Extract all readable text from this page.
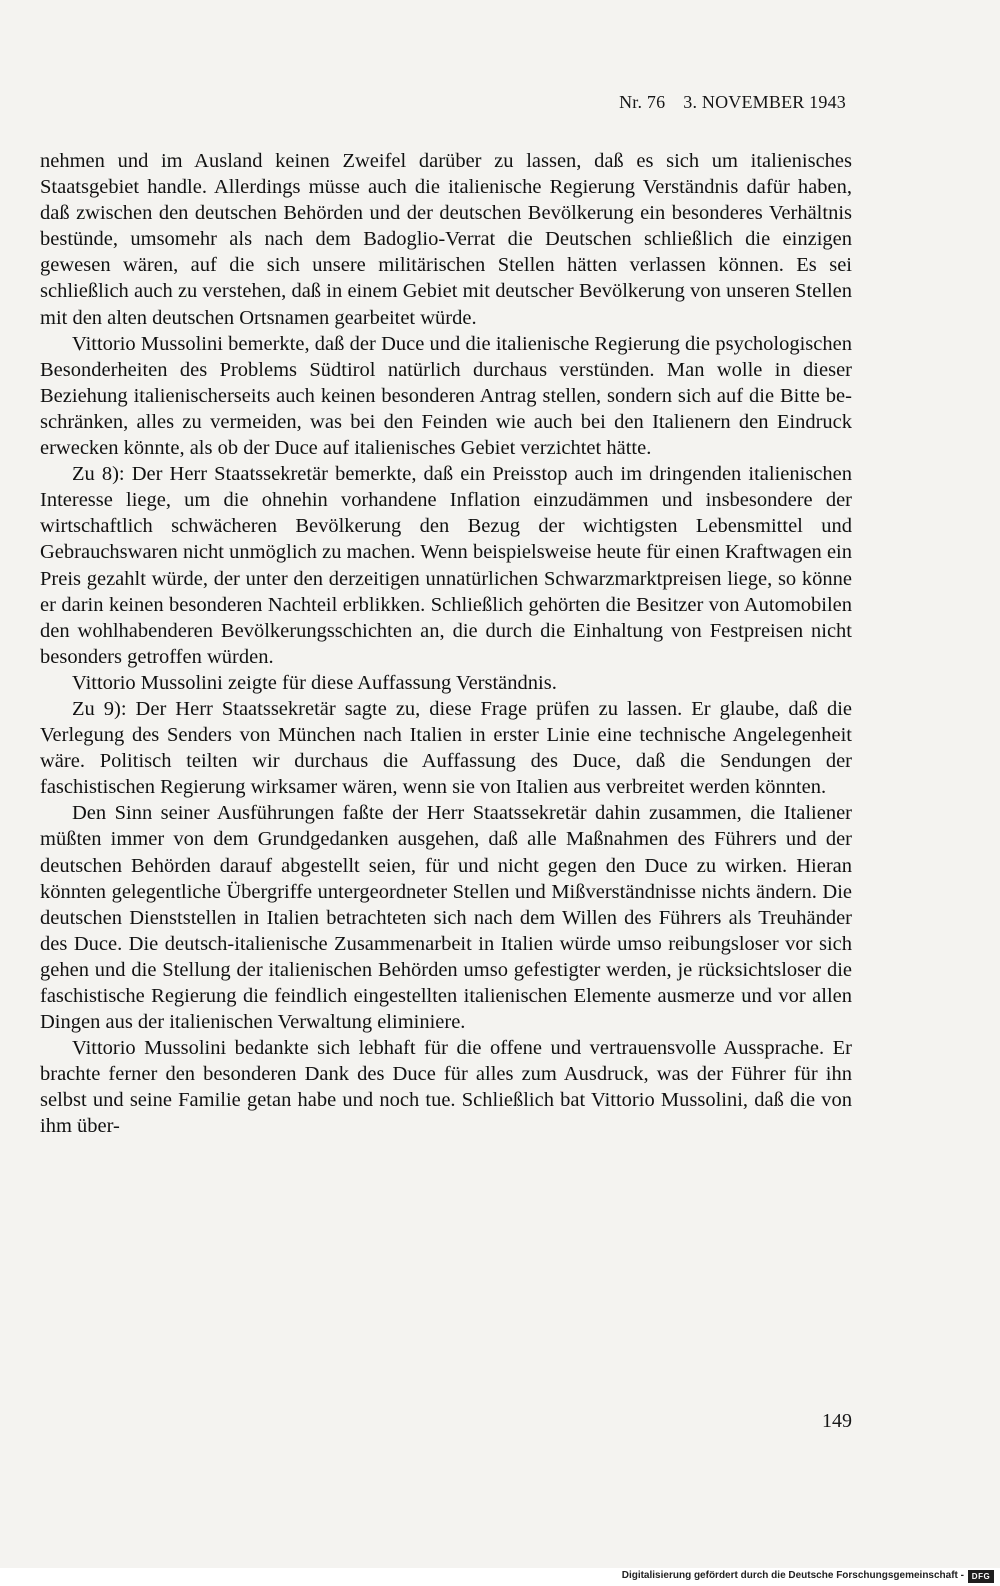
Nr. 76 3. NOVEMBER 1943

nehmen und im Ausland keinen Zweifel darüber zu lassen, daß es sich um italienisches Staatsgebiet handle. Allerdings müsse auch die italienische Regierung Verständnis dafür haben, daß zwischen den deutschen Behörden und der deutschen Bevölkerung ein besonderes Verhältnis bestünde, umsomehr als nach dem Badoglio-Verrat die Deutschen schließlich die einzigen gewesen wären, auf die sich unsere militärischen Stellen hätten verlassen können. Es sei schließlich auch zu verstehen, daß in einem Gebiet mit deutscher Bevölkerung von unseren Stellen mit den alten deutschen Ortsnamen gearbeitet würde.

Vittorio Mussolini bemerkte, daß der Duce und die italienische Regierung die psychologischen Besonderheiten des Problems Südtirol natürlich durchaus verstünden. Man wolle in dieser Beziehung italienischerseits auch keinen besonderen Antrag stellen, sondern sich auf die Bitte beschränken, alles zu vermeiden, was bei den Feinden wie auch bei den Italienern den Eindruck erwecken könnte, als ob der Duce auf italienisches Gebiet verzichtet hätte.

Zu 8): Der Herr Staatssekretär bemerkte, daß ein Preisstop auch im dringenden italienischen Interesse liege, um die ohnehin vorhandene Inflation einzudämmen und insbesondere der wirtschaftlich schwächeren Bevölkerung den Bezug der wichtigsten Lebensmittel und Gebrauchswaren nicht unmöglich zu machen. Wenn beispielsweise heute für einen Kraftwagen ein Preis gezahlt würde, der unter den derzeitigen unnatürlichen Schwarzmarktpreisen liege, so könne er darin keinen besonderen Nachteil erblikken. Schließlich gehörten die Besitzer von Automobilen den wohlhabenderen Bevölkerungsschichten an, die durch die Einhaltung von Festpreisen nicht besonders getroffen würden.

Vittorio Mussolini zeigte für diese Auffassung Verständnis.

Zu 9): Der Herr Staatssekretär sagte zu, diese Frage prüfen zu lassen. Er glaube, daß die Verlegung des Senders von München nach Italien in erster Linie eine technische Angelegenheit wäre. Politisch teilten wir durchaus die Auffassung des Duce, daß die Sendungen der faschistischen Regierung wirksamer wären, wenn sie von Italien aus verbreitet werden könnten.

Den Sinn seiner Ausführungen faßte der Herr Staatssekretär dahin zusammen, die Italiener müßten immer von dem Grundgedanken ausgehen, daß alle Maßnahmen des Führers und der deutschen Behörden darauf abgestellt seien, für und nicht gegen den Duce zu wirken. Hieran könnten gelegentliche Übergriffe untergeordneter Stellen und Mißverständnisse nichts ändern. Die deutschen Dienststellen in Italien betrachteten sich nach dem Willen des Führers als Treuhänder des Duce. Die deutsch-italienische Zusammenarbeit in Italien würde umso reibungsloser vor sich gehen und die Stellung der italienischen Behörden umso gefestigter werden, je rücksichtsloser die faschistische Regierung die feindlich eingestellten italienischen Elemente ausmerze und vor allen Dingen aus der italienischen Verwaltung eliminiere.

Vittorio Mussolini bedankte sich lebhaft für die offene und vertrauensvolle Aussprache. Er brachte ferner den besonderen Dank des Duce für alles zum Ausdruck, was der Führer für ihn selbst und seine Familie getan habe und noch tue. Schließlich bat Vittorio Mussolini, daß die von ihm über-

149
Digitalisierung gefördert durch die Deutsche Forschungsgemeinschaft - DFG
